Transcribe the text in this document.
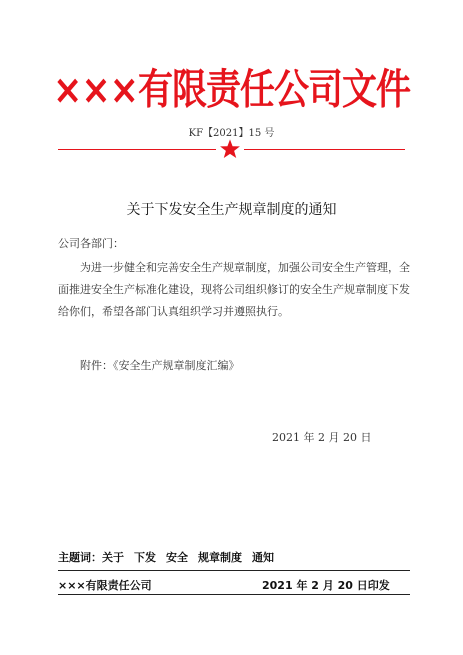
×××有限责任公司文件
KF【2021】15 号
关于下发安全生产规章制度的通知
公司各部门：
为进一步健全和完善安全生产规章制度，加强公司安全生产管理，全面推进安全生产标准化建设，现将公司组织修订的安全生产规章制度下发给你们，希望各部门认真组织学习并遵照执行。
附件：《安全生产规章制度汇编》
2021 年 2 月 20 日
主题词：关于 下发 安全 规章制度 通知
×××有限责任公司	2021 年 2 月 20 日印发
